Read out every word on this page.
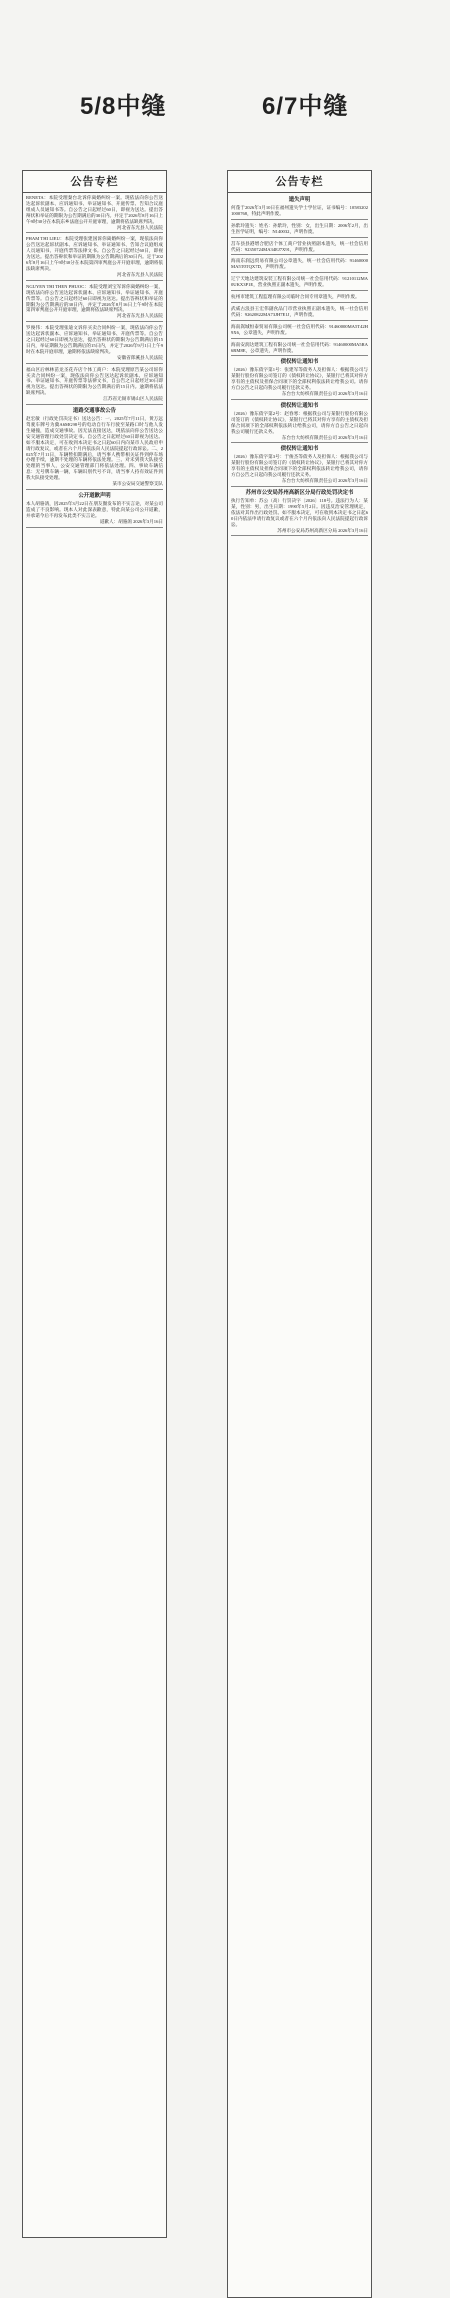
5/8中缝	6/7中缝
公告专栏
RENETA：本院受理秦台北诉你离婚纠纷一案。现依法向你公告送达起诉状副本、应诉通知书、举证通知书、开庭传票、告知合议庭组成人员通知书等。自公告之日起经过60日，即视为送达。提出答辩状和举证的期限为公告期满后的30日内。并定于2026年8月16日上午9时30分在本院东乡法庭公开开庭审理，逾期将依法缺席判决。
河北省东光县人民法院
PHAM THI LIEU：本院受理张建国诉你离婚纠纷一案，现依法向你公告送达起诉状副本、应诉通知书、举证通知书、告知合议庭组成人员通知书、开庭传票等法律文书。自公告之日起经过60日，即视为送达。提出答辩状和举证的期限为公告期满后的30日内。定于2026年8月16日上午9时30分在本院第四审判庭公开开庭审理，逾期将依法缺席判决。
河北省东光县人民法院
NGUYEN THI THEN PHUOC：本院受理刘宝军诉你离婚纠纷一案，现依法向你公告送达起诉状副本、应诉通知书、举证通知书、开庭传票等。自公告之日起经过60日即视为送达。提出答辩状和举证的期限为公告期满后的30日内，并定于2026年8月16日上午9时在本院第四审判庭公开开庭审理，逾期将依法缺席判决。
河北省东光县人民法院
罗俊伟：本院受理张迪文诉你买卖合同纠纷一案，现依法向你公告送达起诉状副本、应诉通知书、举证通知书、开庭传票等。自公告之日起经过60日即视为送达，提出答辩状的期限为公告期满后的15日内，举证期限为公告期满后的15日内，并定于2026年9月1日上午9时在本院开庭审理，逾期将依法缺席判决。
安徽省郎溪县人民法院
福山区后林林苗龙圣花卉店个体工商户：本院受理原告某公司诉你买卖合同纠纷一案，现依法向你公告送达起诉状副本、应诉通知书、举证通知书、开庭传票等法律文书，自公告之日起经过30日即视为送达。提出答辩状的期限为公告期满后的15日内。逾期将依法缺席判决。
江苏省无锡市锡山区人民法院
道路交通事故公告
赵宏敏（行政处罚决定书）送达公告：一、2025年7月11日，黄万远驾驶车牌号为冀A6MG98号的电动自行车行驶至某路口时与他人发生碰撞，造成交通事故。因无法直接送达，现依法向你公告送达公安交通管理行政处罚决定书。自公告之日起经过60日即视为送达。如不服本决定，可在收到本决定书之日起60日内向某市人民政府申请行政复议，或者在六个月内依法向人民法院提起行政诉讼。二、2025年7月11日，车辆暂扣期满后，请当事人携带相关证件到停车场办理手续，逾期不处理的车辆将依法处理。三、对未到我大队接受处理的当事人，公安交通管理部门将依法处理。四、事故车辆信息：无号牌车辆一辆，车辆识别代号不详，请当事人持有效证件到我大队接受处理。
某市公安局交通警察支队
公开道歉声明
本人胡骆鸽，因2025年3月22日在朋友圈发布的不实言论，对某公司造成了不良影响。现本人对此深表歉意，特此向某公司公开道歉，并承诺今后不再发布此类不实言论。
道歉人：胡骆鸽 2026年3月16日
公告专栏
遗失声明
何蓬于2026年3月10日在福州遗失学士学位证，证书编号：105832021000768，特此声明作废。
孙紫玲遗失：姓名：孙紫玲，性别：女，出生日期：2006年2月，出生医学证明，编号：N140032，声明作废。
莒车县县港增合肥店个体工商户营业执照副本遗失，统一社会信用代码：92350724MA34EJ7X91，声明作废。
海南东润远贸易有限公司公章遗失，统一社会信用代码：91460000MA5T0TQX7D，声明作废。
辽宁天地达建筑安装工程有限公司统一社会信用代码：91210112MA0UKX3P1E，营业执照正副本遗失，声明作废。
杭州市建筑工程监理有限公司临时合同专用章遗失，声明作废。
武威古浪县王宏伟副食品门市营业执照正副本遗失，统一社会信用代码：92620822MA73JH7E1J，声明作废。
海南嵩城恒泰贸易有限公司统一社会信用代码：91460000MA5T42H9X6，公章遗失，声明作废。
海南安润达建筑工程有限公司统一社会信用代码：91460000MA5RA6RM8E，公章遗失，声明作废。
债权转让通知书
（2026）豫东债字第1号：张建军等债务人及担保人：根据我公司与某银行股份有限公司签订的《债权转让协议》，某银行已将其对你方享有的主债权及担保合同项下的全部权利依法转让给我公司。请你方自公告之日起向我公司履行还款义务。
东台台大纺织有限责任公司 2026年3月16日
债权转让通知书
（2026）豫东债字第2号：赵春寒：根据我公司与某银行股份有限公司签订的《债权转让协议》，某银行已将其对你方享有的主债权及担保合同项下的全部权利依法转让给我公司，请你方自公告之日起向我公司履行还款义务。
东台台大纺织有限责任公司 2026年3月16日
债权转让通知书
（2026）豫东债字第3号：于俊杰等债务人及担保人：根据我公司与某银行股份有限公司签订的《债权转让协议》，某银行已将其对你方享有的主债权及担保合同项下的全部权利依法转让给我公司，请你方自公告之日起向我公司履行还款义务。
东台台大纺织有限责任公司 2026年3月16日
苏州市公安局苏州高新区分局行政处罚决定书
执行告知单：苏公（高）行罚决字〔2026〕118号。违法行为人：某某，性别：男，出生日期：1990年5月2日。因违反治安管理规定，依法对其作出行政处罚。如不服本决定，可在收到本决定书之日起60日内依法申请行政复议或者在六个月内依法向人民法院提起行政诉讼。
苏州市公安局苏州高新区分局 2026年3月16日
